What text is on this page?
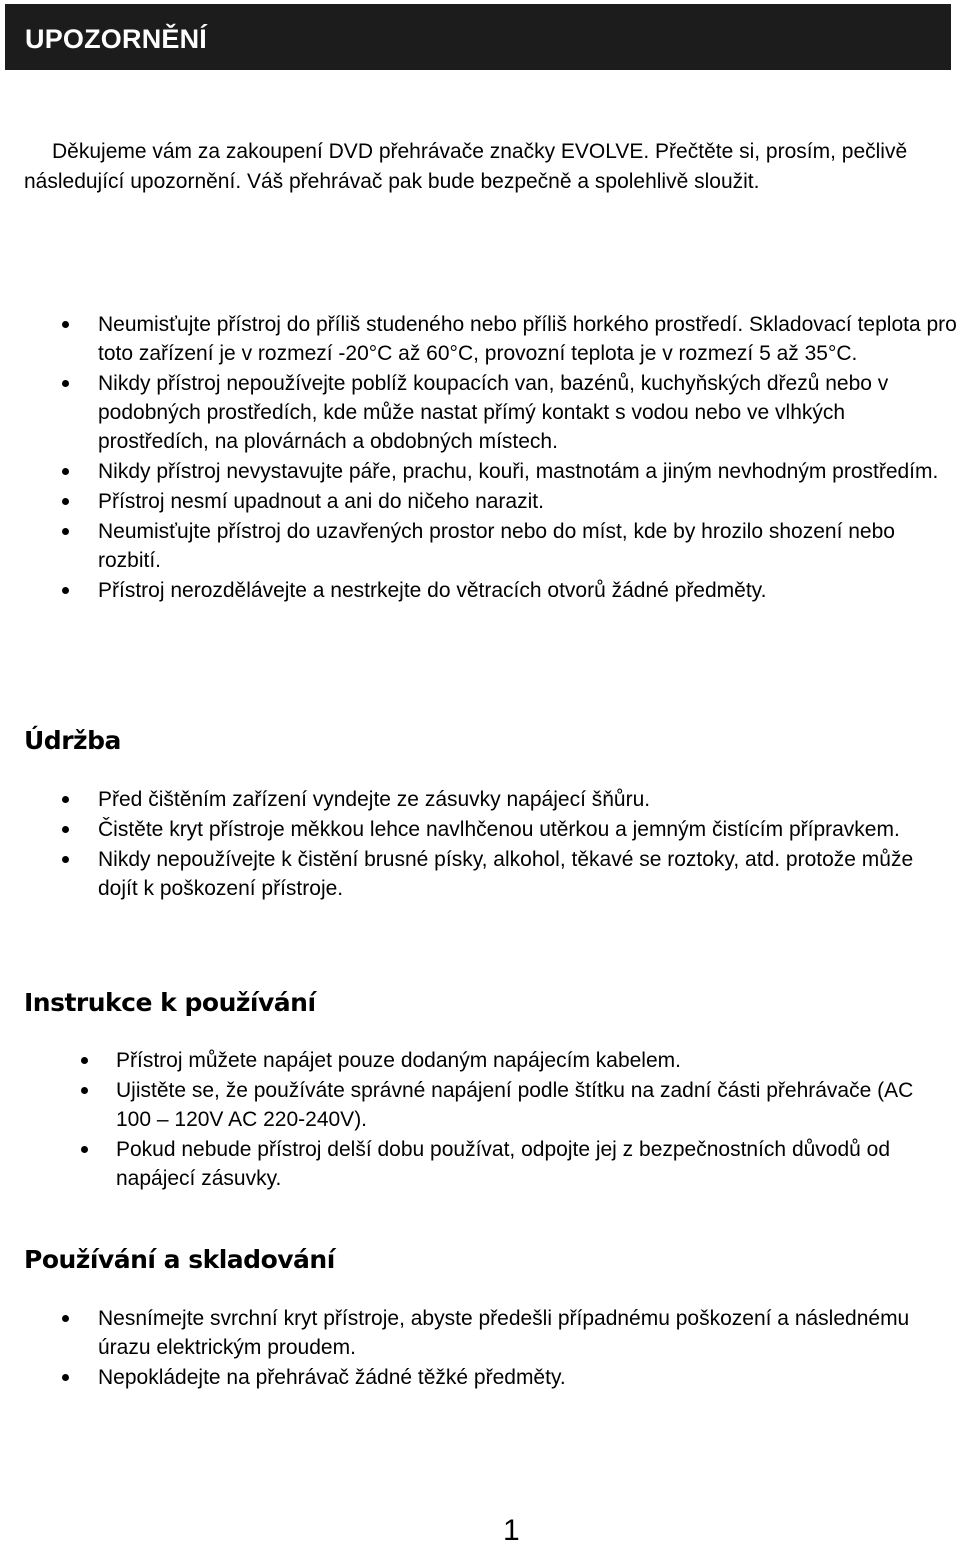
UPOZORNĚNÍ

Děkujeme vám za zakoupení DVD přehrávače značky EVOLVE. Přečtěte si, prosím, pečlivě následující upozornění. Váš přehrávač pak bude bezpečně a spolehlivě sloužit.

Neumisťujte přístroj do příliš studeného nebo příliš horkého prostředí. Skladovací teplota pro toto zařízení je v rozmezí -20°C až 60°C, provozní teplota je v rozmezí 5 až 35°C.
Nikdy přístroj nepoužívejte poblíž koupacích van, bazénů, kuchyňských dřezů nebo v podobných prostředích, kde může nastat přímý kontakt s vodou nebo ve vlhkých prostředích, na plovárnách a obdobných místech.
Nikdy přístroj nevystavujte páře, prachu, kouři, mastnotám a jiným nevhodným prostředím.
Přístroj nesmí upadnout a ani do ničeho narazit.
Neumisťujte přístroj do uzavřených prostor nebo do míst, kde by hrozilo shození nebo rozbití.
Přístroj nerozdělávejte a nestrkejte do větracích otvorů žádné předměty.
Údržba
Před čištěním zařízení vyndejte ze zásuvky napájecí šňůru.
Čistěte kryt přístroje měkkou lehce navlhčenou utěrkou a jemným čistícím přípravkem.
Nikdy nepoužívejte k čistění brusné písky, alkohol, těkavé se roztoky, atd. protože může dojít k poškození přístroje.
Instrukce k používání
Přístroj můžete napájet pouze dodaným napájecím kabelem.
Ujistěte se, že používáte správné napájení podle štítku na zadní části přehrávače (AC 100 – 120V AC 220-240V).
Pokud nebude přístroj delší dobu používat, odpojte jej z bezpečnostních důvodů od napájecí zásuvky.
Používání a skladování
Nesnímejte svrchní kryt přístroje, abyste předešli případnému poškození a následnému úrazu elektrickým proudem.
Nepokládejte na přehrávač žádné těžké předměty.

1
